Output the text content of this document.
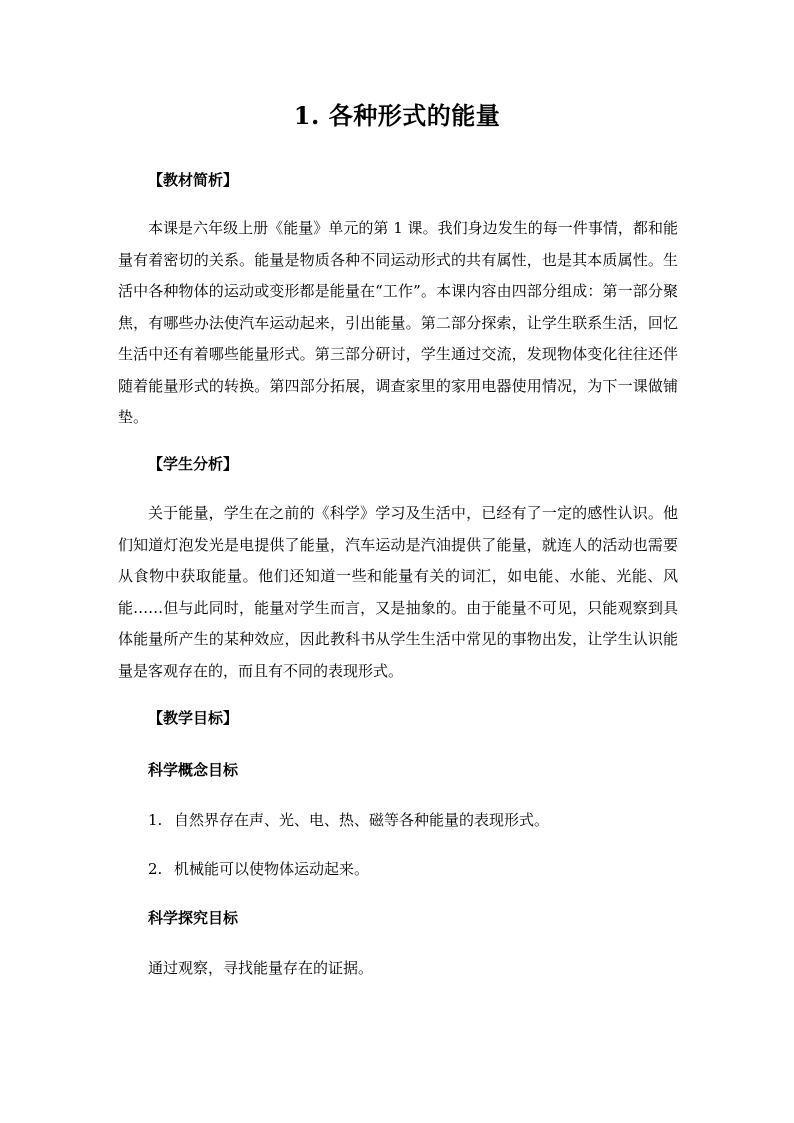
1. 各种形式的能量
【教材简析】

本课是六年级上册《能量》单元的第 1 课。我们身边发生的每一件事情，都和能量有着密切的关系。能量是物质各种不同运动形式的共有属性，也是其本质属性。生活中各种物体的运动或变形都是能量在“工作”。本课内容由四部分组成：第一部分聚焦，有哪些办法使汽车运动起来，引出能量。第二部分探索，让学生联系生活，回忆生活中还有着哪些能量形式。第三部分研讨，学生通过交流，发现物体变化往往还伴随着能量形式的转换。第四部分拓展，调查家里的家用电器使用情况，为下一课做铺垫。

【学生分析】

关于能量，学生在之前的《科学》学习及生活中，已经有了一定的感性认识。他们知道灯泡发光是电提供了能量，汽车运动是汽油提供了能量，就连人的活动也需要从食物中获取能量。他们还知道一些和能量有关的词汇，如电能、水能、光能、风能……但与此同时，能量对学生而言，又是抽象的。由于能量不可见，只能观察到具体能量所产生的某种效应，因此教科书从学生生活中常见的事物出发，让学生认识能量是客观存在的，而且有不同的表现形式。

【教学目标】
科学概念目标
1. 自然界存在声、光、电、热、磁等各种能量的表现形式。
2. 机械能可以使物体运动起来。
科学探究目标
通过观察，寻找能量存在的证据。
